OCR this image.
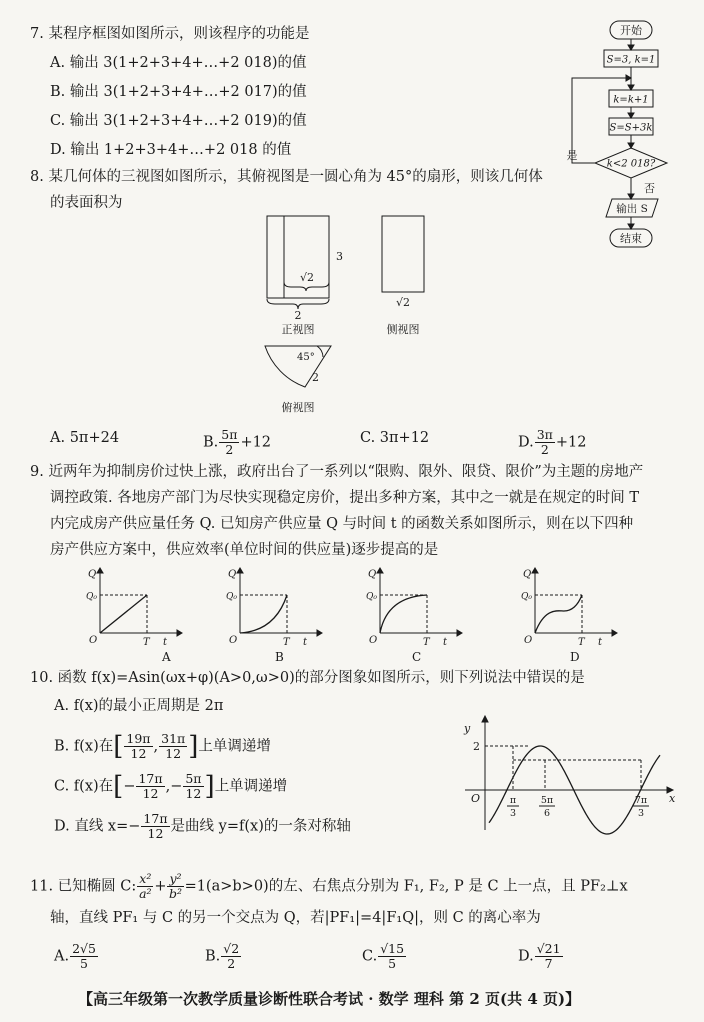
7. 某程序框图如图所示，则该程序的功能是
A. 输出 3(1+2+3+4+…+2 018)的值
B. 输出 3(1+2+3+4+…+2 017)的值
C. 输出 3(1+2+3+4+…+2 019)的值
D. 输出 1+2+3+4+…+2 018 的值
开始
S=3, k=1
k=k+1
S=S+3k
k<2 018?
是
否
输出 S
结束
8. 某几何体的三视图如图所示，其俯视图是一圆心角为 45°的扇形，则该几何体
的表面积为
3
2
√2
√2
正视图	侧视图
45°
2
俯视图
A. 5π+24	B. $\frac{5\pi}{2} +12$	C. 3π+12	D. $\frac{3\pi}{2} +12$
9. 近两年为抑制房价过快上涨，政府出台了一系列以“限购、限外、限贷、限价”为主题的房地产
调控政策. 各地房产部门为尽快实现稳定房价，提出多种方案，其中之一就是在规定的时间 T
内完成房产供应量任务 Q. 已知房产供应量 Q 与时间 t 的函数关系如图所示，则在以下四种
房产供应方案中，供应效率(单位时间的供应量)逐步提高的是
Q
Q₀
O	T t
A
Q
Q₀
O	T t
B
Q
Q₀
O	T t
C
Q
Q₀
O	T t
D
10. 函数 f(x)=Asin(ωx+φ)(A>0,ω>0)的部分图象如图所示，则下列说法中错误的是
A. f(x)的最小正周期是 2π
B. f(x)在[ $\frac{19\pi}{12}$ , $\frac{31\pi}{12}$ ]上单调递增
C. f(x)在[− $\frac{17\pi}{12}$ ,− $\frac{5\pi}{12}$ ]上单调递增
D. 直线 $x=- \frac{17\pi}{12}$ 是曲线 y=f(x)的一条对称轴
y
x
O
2
π
3
5π
6
7π
3
11. 已知椭圆 C: $\frac{\text{x²}}{\text{a²}} + \frac{\text{y²}}{\text{b²}} =1(a>b>0)$的左、右焦点分别为 F₁, F₂, P 是 C 上一点，且 PF₂⊥x
轴，直线 PF₁ 与 C 的另一个交点为 Q，若|PF₁|=4|F₁Q|，则 C 的离心率为
A. $\frac{2√5}{5}$	B. $\frac{√2}{2}$	C. $\frac{√15}{5}$	D. $\frac{√21}{7}$
【高三年级第一次教学质量诊断性联合考试 · 数学 理科 第 2 页(共 4 页)】
